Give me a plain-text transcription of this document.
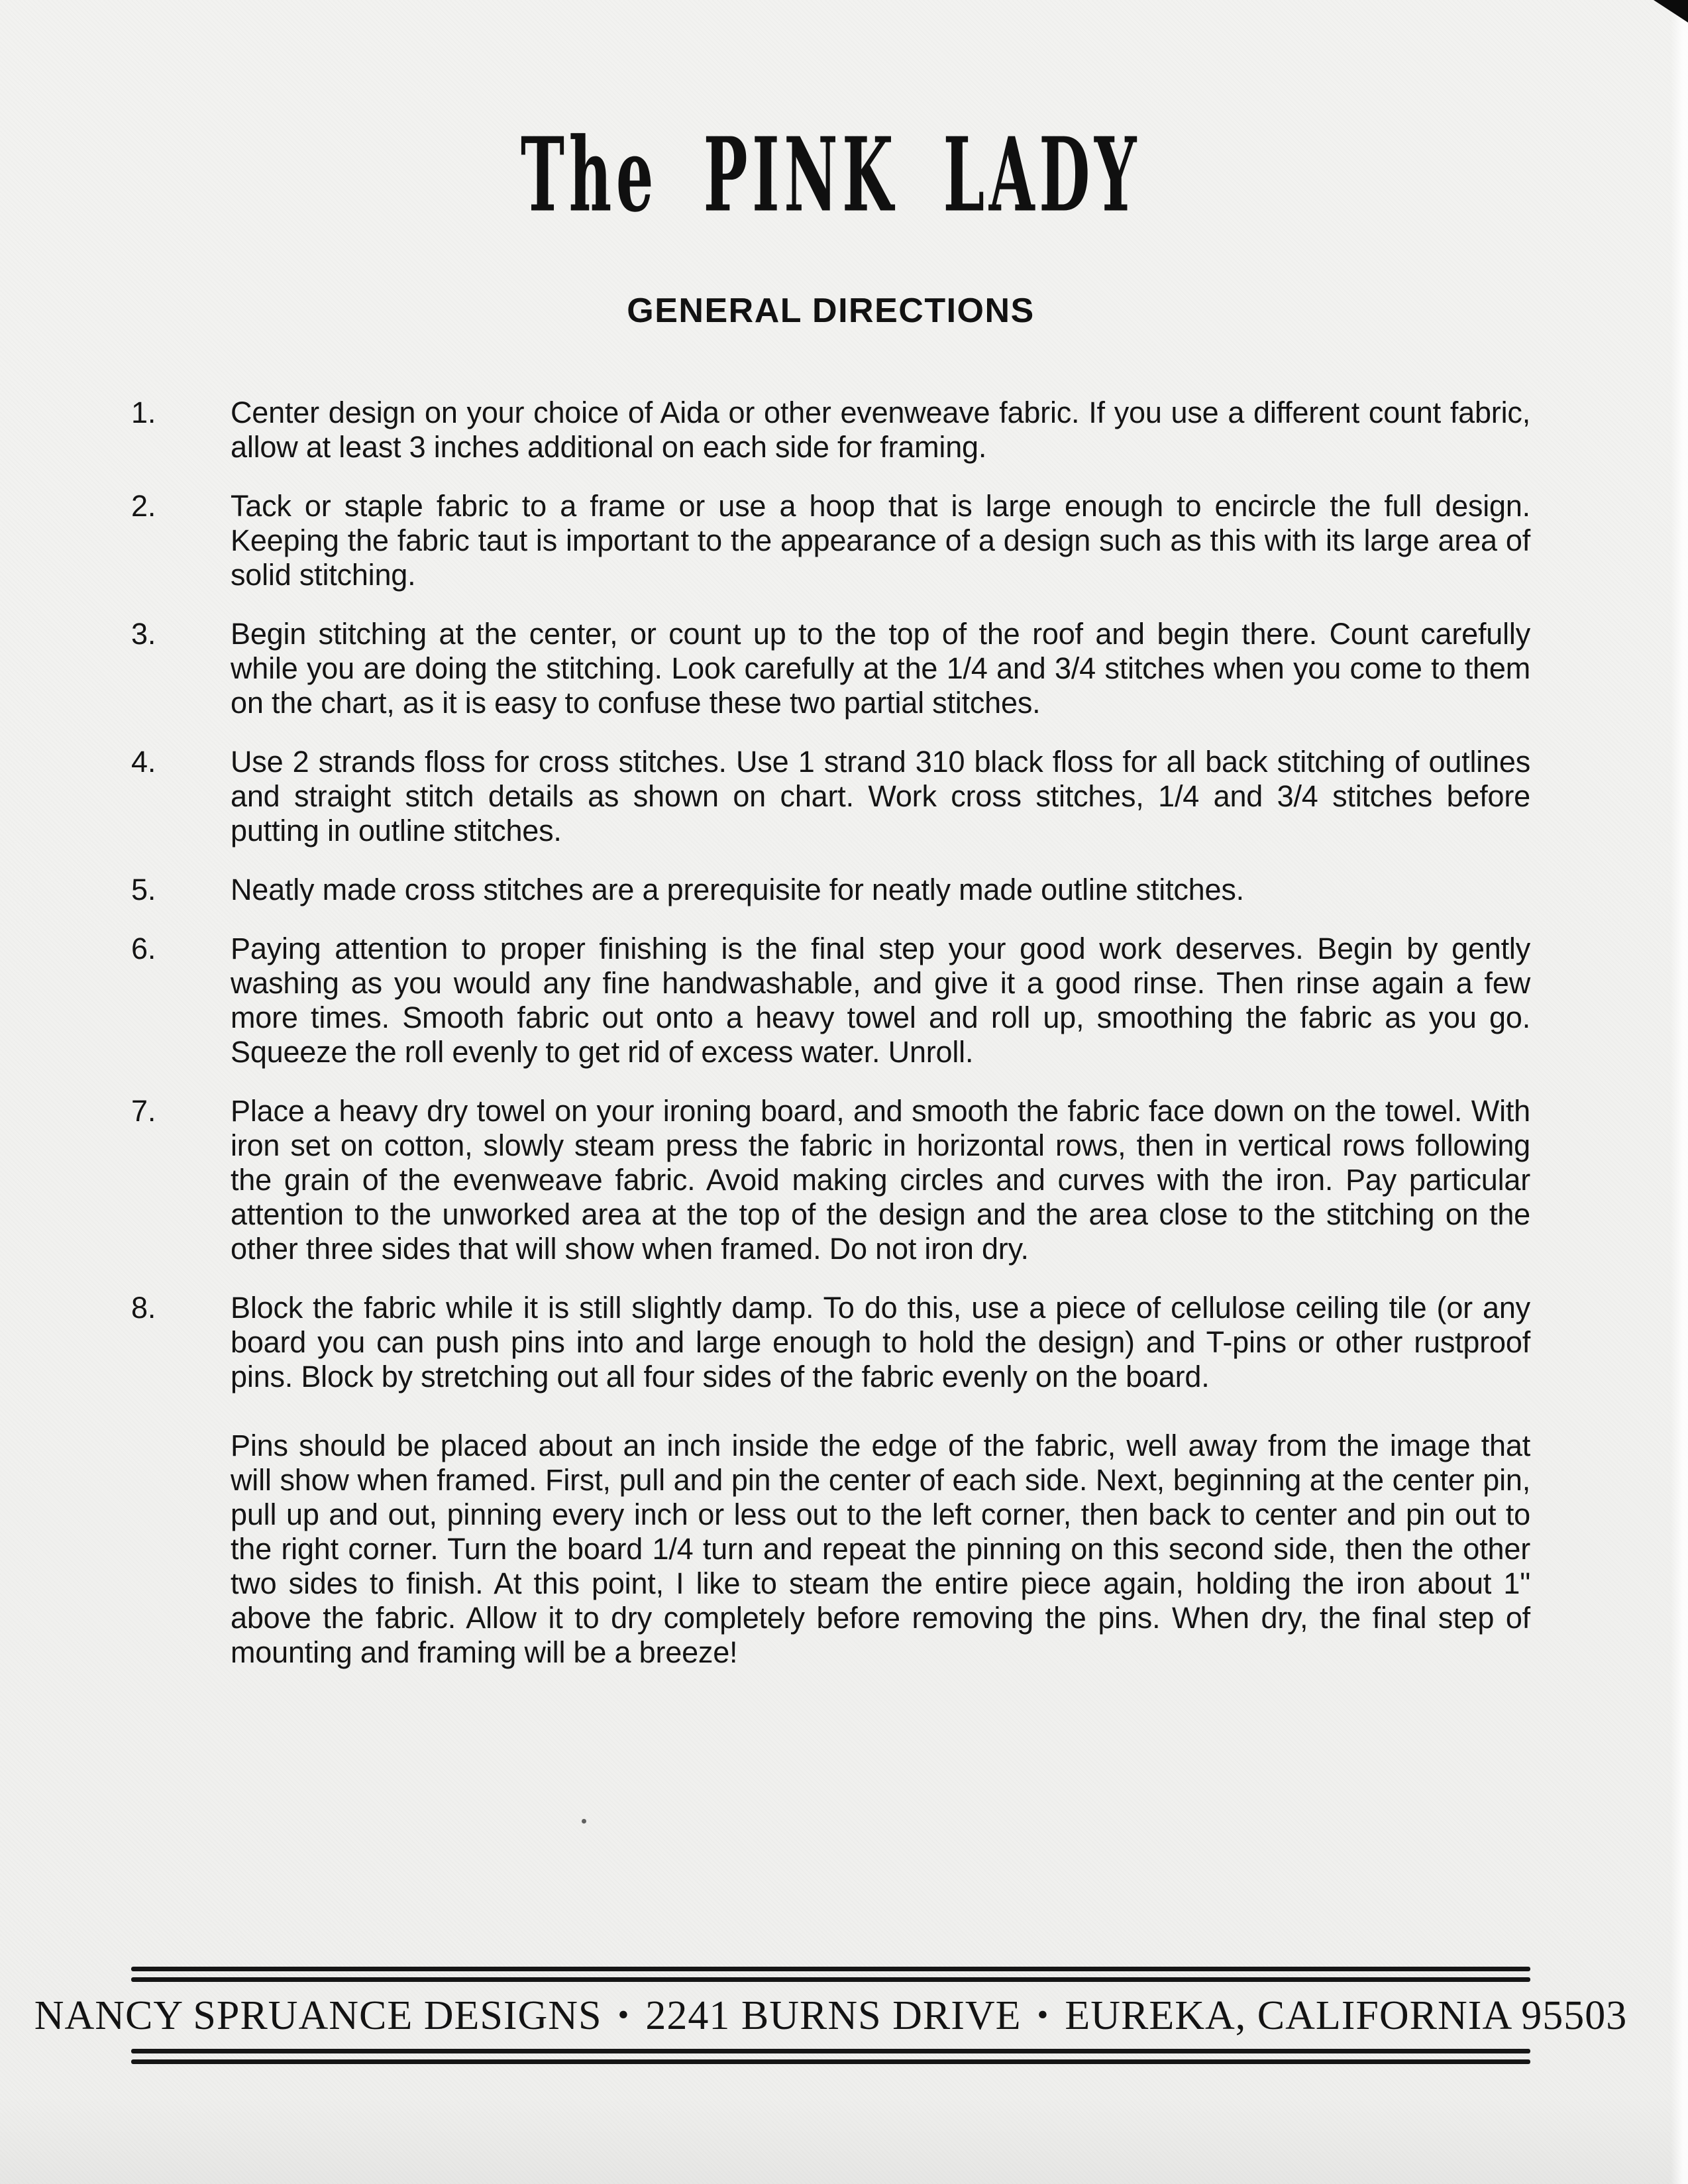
The PINK LADY
GENERAL DIRECTIONS
1.	Center design on your choice of Aida or other evenweave fabric. If you use a different count fabric, allow at least 3 inches additional on each side for framing.
2.	Tack or staple fabric to a frame or use a hoop that is large enough to encircle the full design. Keeping the fabric taut is important to the appearance of a design such as this with its large area of solid stitching.
3.	Begin stitching at the center, or count up to the top of the roof and begin there. Count carefully while you are doing the stitching. Look carefully at the 1/4 and 3/4 stitches when you come to them on the chart, as it is easy to confuse these two partial stitches.
4.	Use 2 strands floss for cross stitches. Use 1 strand 310 black floss for all back stitching of outlines and straight stitch details as shown on chart. Work cross stitches, 1/4 and 3/4 stitches before putting in outline stitches.
5.	Neatly made cross stitches are a prerequisite for neatly made outline stitches.
6.	Paying attention to proper finishing is the final step your good work deserves. Begin by gently washing as you would any fine handwashable, and give it a good rinse. Then rinse again a few more times. Smooth fabric out onto a heavy towel and roll up, smoothing the fabric as you go. Squeeze the roll evenly to get rid of excess water. Unroll.
7.	Place a heavy dry towel on your ironing board, and smooth the fabric face down on the towel. With iron set on cotton, slowly steam press the fabric in horizontal rows, then in vertical rows following the grain of the evenweave fabric. Avoid making circles and curves with the iron. Pay particular attention to the unworked area at the top of the design and the area close to the stitching on the other three sides that will show when framed. Do not iron dry.
8.	Block the fabric while it is still slightly damp. To do this, use a piece of cellulose ceiling tile (or any board you can push pins into and large enough to hold the design) and T-pins or other rustproof pins. Block by stretching out all four sides of the fabric evenly on the board.
Pins should be placed about an inch inside the edge of the fabric, well away from the image that will show when framed. First, pull and pin the center of each side. Next, beginning at the center pin, pull up and out, pinning every inch or less out to the left corner, then back to center and pin out to the right corner. Turn the board 1/4 turn and repeat the pinning on this second side, then the other two sides to finish. At this point, I like to steam the entire piece again, holding the iron about 1" above the fabric. Allow it to dry completely before removing the pins. When dry, the final step of mounting and framing will be a breeze!
NANCY SPRUANCE DESIGNS • 2241 BURNS DRIVE • EUREKA, CALIFORNIA 95503
